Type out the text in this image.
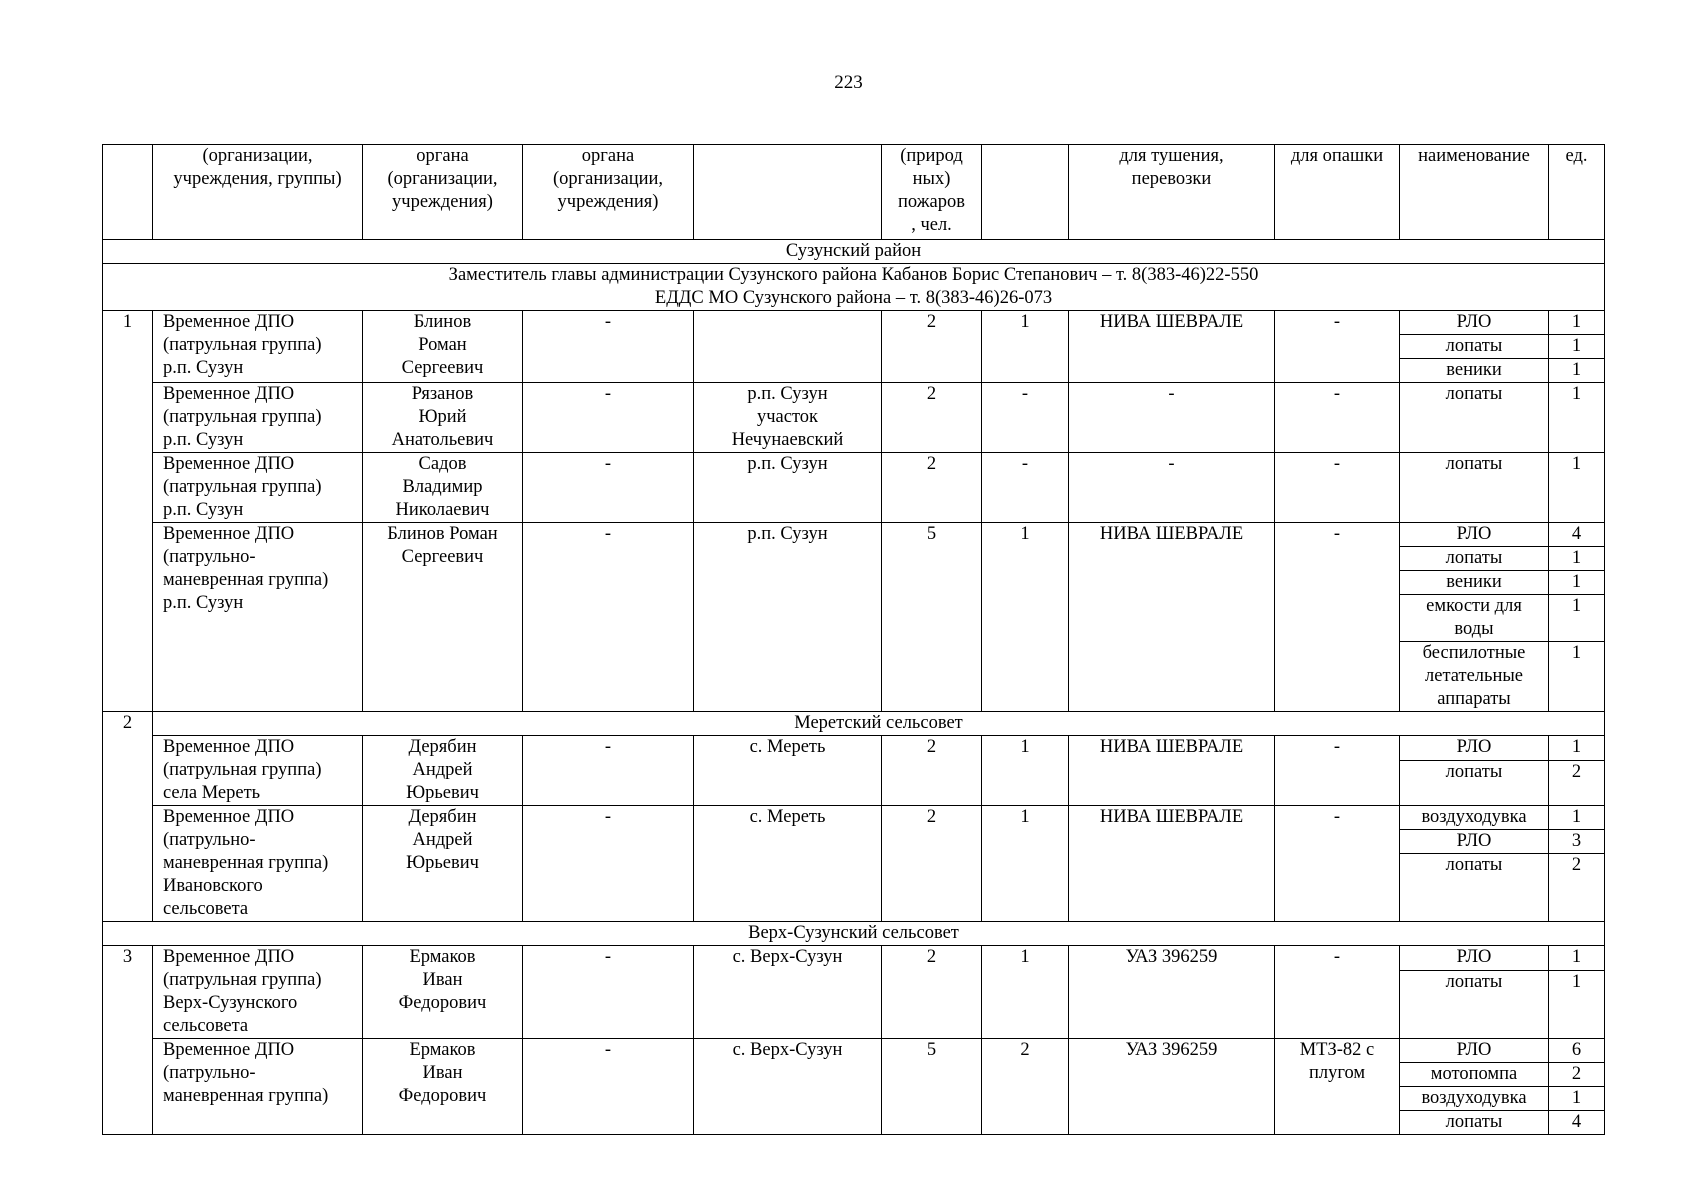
223

	(организации,
учреждения, группы)	органа
(организации,
учреждения)	органа
(организации,
учреждения)		(природ
ных)
пожаров
, чел.		для тушения,
перевозки	для опашки	наименование	ед.

Сузунский район										

Заместитель главы администрации Сузунского района Кабанов Борис Степанович – т. 8(383-46)22-550
ЕДДС МО Сузунского района – т. 8(383-46)26-073										

1	Временное ДПО
(патрульная группа)
р.п. Сузун	Блинов
Роман
Сергеевич	-		2	1	НИВА ШЕВРАЛЕ	-	РЛО	1

									лопаты	1

									веники	1

	Временное ДПО
(патрульная группа)
р.п. Сузун	Рязанов
Юрий
Анатольевич	-	р.п. Сузун
участок
Нечунаевский	2	-	-	-	лопаты	1

	Временное ДПО
(патрульная группа)
р.п. Сузун	Садов
Владимир
Николаевич	-	р.п. Сузун	2	-	-	-	лопаты	1

	Временное ДПО
(патрульно-
маневренная группа)
р.п. Сузун	Блинов Роман
Сергеевич	-	р.п. Сузун	5	1	НИВА ШЕВРАЛЕ	-	РЛО	4

									лопаты	1

									веники	1

									емкости для
воды	1

									беспилотные
летательные
аппараты	1
2	Меретский сельсовет									

	Временное ДПО
(патрульная группа)
села Мереть	Дерябин
Андрей
Юрьевич	-	с. Мереть	2	1	НИВА ШЕВРАЛЕ	-	РЛО	1

									лопаты	2

	Временное ДПО
(патрульно-
маневренная группа)
Ивановского
сельсовета	Дерябин
Андрей
Юрьевич	-	с. Мереть	2	1	НИВА ШЕВРАЛЕ	-	воздуходувка	1

									РЛО	3

									лопаты	2
Верх-Сузунский сельсовет										
3	Временное ДПО
(патрульная группа)
Верх-Сузунского
сельсовета	Ермаков
Иван
Федорович	-	с. Верх-Сузун	2	1	УАЗ 396259	-	РЛО	1

									лопаты	1

	Временное ДПО
(патрульно-
маневренная группа)	Ермаков
Иван
Федорович	-	с. Верх-Сузун	5	2	УАЗ 396259	МТЗ-82 с
плугом	РЛО	6

									мотопомпа	2

									воздуходувка	1

									лопаты	4
